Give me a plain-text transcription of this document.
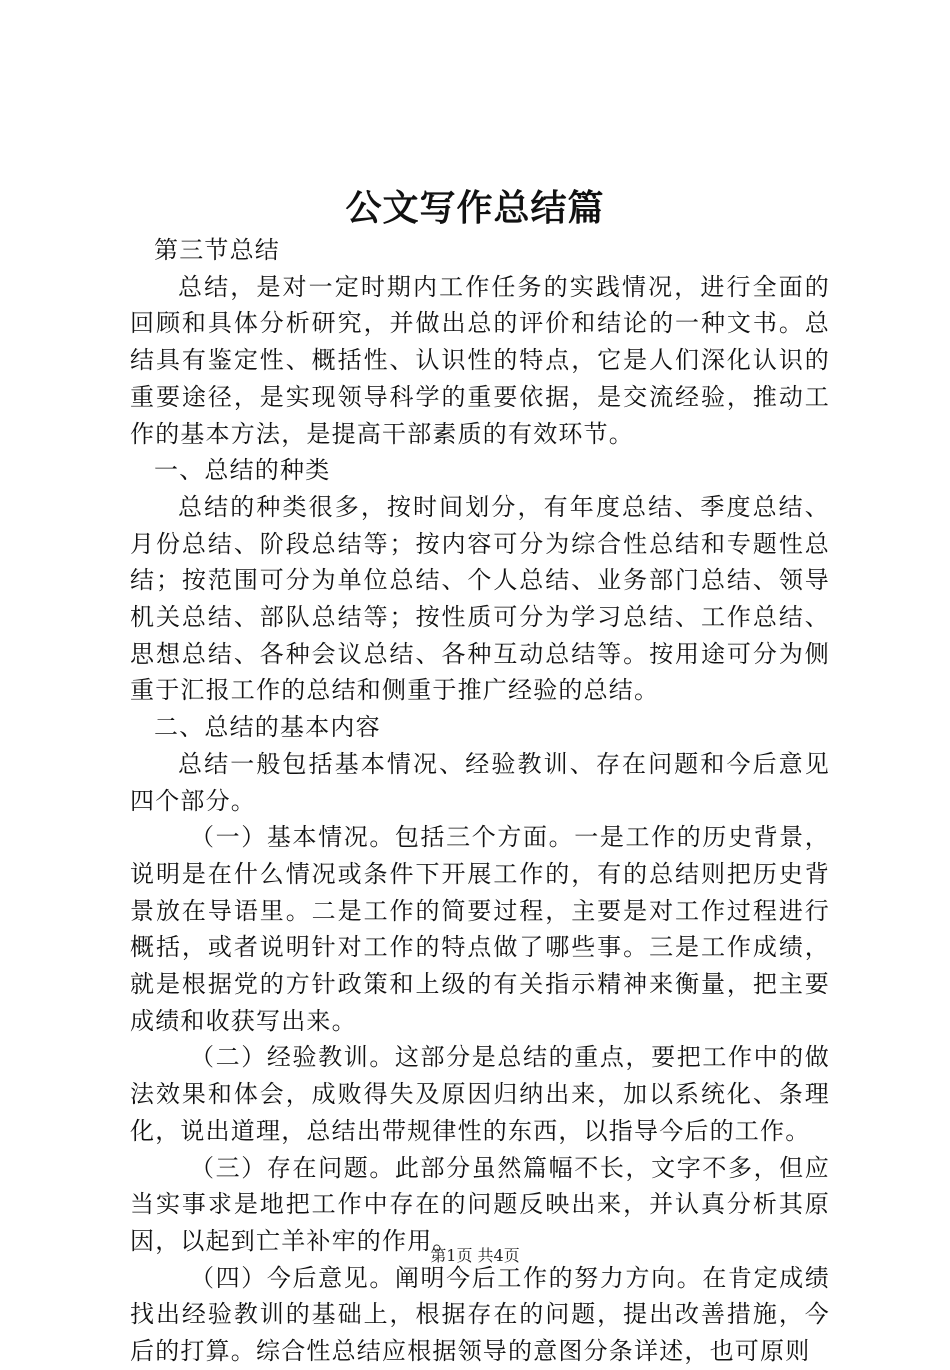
公文写作总结篇

第三节总结

总结，是对一定时期内工作任务的实践情况，进行全面的回顾和具体分析研究，并做出总的评价和结论的一种文书。总结具有鉴定性、概括性、认识性的特点，它是人们深化认识的重要途径，是实现领导科学的重要依据，是交流经验，推动工作的基本方法，是提高干部素质的有效环节。

一、总结的种类

总结的种类很多，按时间划分，有年度总结、季度总结、月份总结、阶段总结等；按内容可分为综合性总结和专题性总结；按范围可分为单位总结、个人总结、业务部门总结、领导机关总结、部队总结等；按性质可分为学习总结、工作总结、思想总结、各种会议总结、各种互动总结等。按用途可分为侧重于汇报工作的总结和侧重于推广经验的总结。

二、总结的基本内容

总结一般包括基本情况、经验教训、存在问题和今后意见四个部分。

（一）基本情况。包括三个方面。一是工作的历史背景，说明是在什么情况或条件下开展工作的，有的总结则把历史背景放在导语里。二是工作的简要过程，主要是对工作过程进行概括，或者说明针对工作的特点做了哪些事。三是工作成绩，就是根据党的方针政策和上级的有关指示精神来衡量，把主要成绩和收获写出来。

（二）经验教训。这部分是总结的重点，要把工作中的做法效果和体会，成败得失及原因归纳出来，加以系统化、条理化，说出道理，总结出带规律性的东西，以指导今后的工作。

（三）存在问题。此部分虽然篇幅不长，文字不多，但应当实事求是地把工作中存在的问题反映出来，并认真分析其原因，以起到亡羊补牢的作用。

（四）今后意见。阐明今后工作的努力方向。在肯定成绩找出经验教训的基础上，根据存在的问题，提出改善措施，今后的打算。综合性总结应根据领导的意图分条详述，也可原则

第1页 共4页
